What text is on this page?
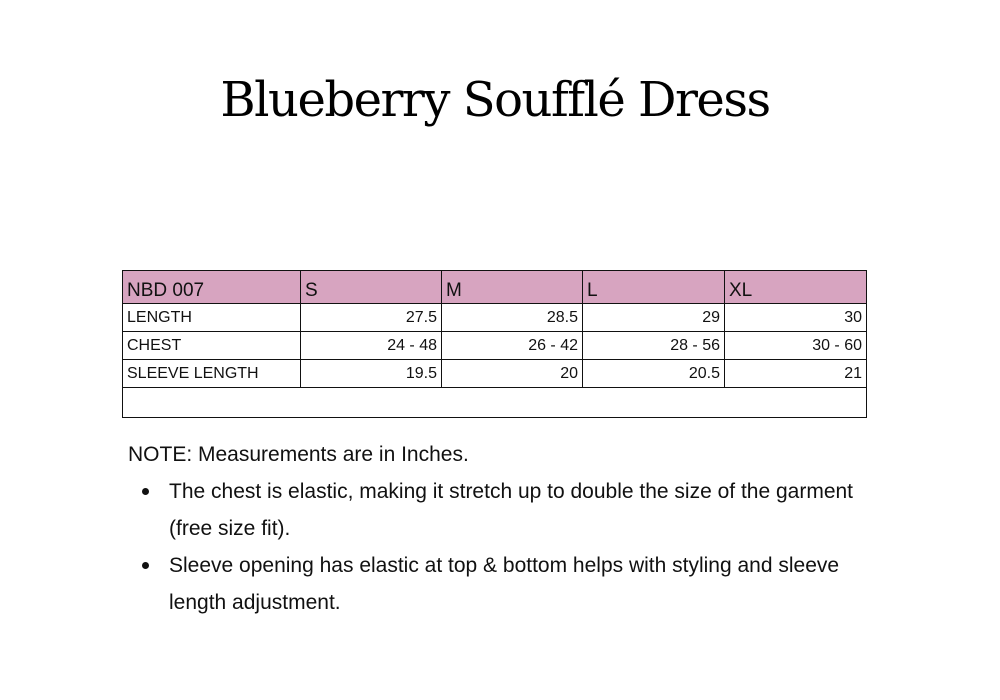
Blueberry Soufflé Dress
NBD 007	S	M	L	XL
LENGTH	27.5	28.5	29	30
CHEST	24 - 48	26 - 42	28 - 56	30 - 60
SLEEVE LENGTH	19.5	20	20.5	21

NOTE: Measurements are in Inches.
The chest is elastic, making it stretch up to double the size of the garment (free size fit).
Sleeve opening has elastic at top & bottom helps with styling and sleeve length adjustment.
